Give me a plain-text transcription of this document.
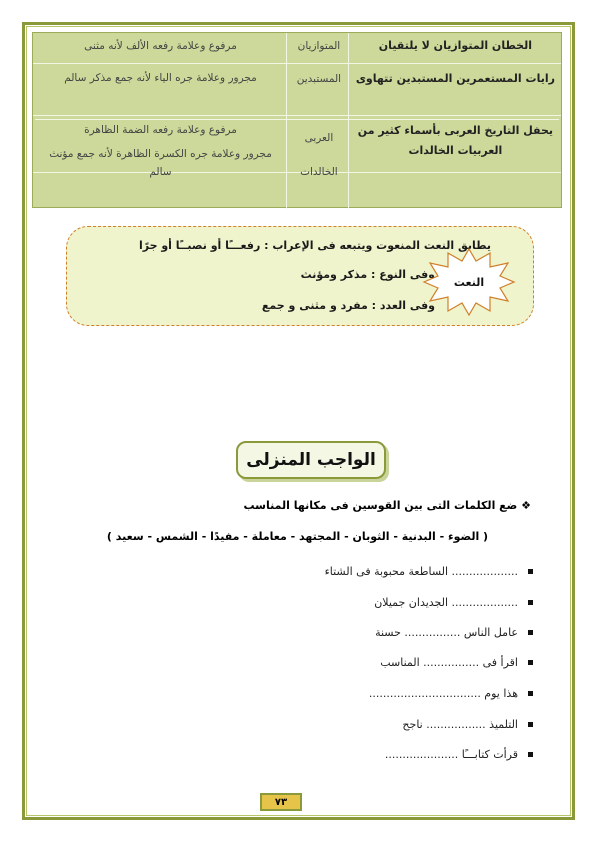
الخطان المتوازيان لا يلتقيان
المتوازيان
مرفوع وعلامة رفعه الألف لأنه مثنى
رايات المستعمرين المستبدين تتهاوى
المستبدين
مجرور وعلامة جره الياء لأنه جمع مذكر سالم
يحفل التاريخ العربى بأسماء كثير من العربيات الخالدات
العربى
الخالدات
مرفوع وعلامة رفعه الضمة الظاهرة
مجرور وعلامة جره الكسرة الظاهرة لأنه جمع مؤنث سالم
يطابق النعت المنعوت ويتبعه فى الإعراب : رفعـــًا أو نصبــًا أو جرًا
وفى النوع : مذكر ومؤنث
وفى العدد : مفرد و مثنى و جمع
النعت
الواجب المنزلى
❖ ضع الكلمات التى بين القوسين فى مكانها المناسب
( الضوء - البدنية - الثوبان - المجتهد - معاملة - مفيدًا - الشمس - سعيد )
................... الساطعة محبوبة فى الشتاء
................... الجديدان جميلان
عامل الناس ................ حسنة
اقرأ فى ................ المناسب
هذا يوم ................................
التلميذ ................. ناجح
قرأت كتابـــًا .....................
٧٣
